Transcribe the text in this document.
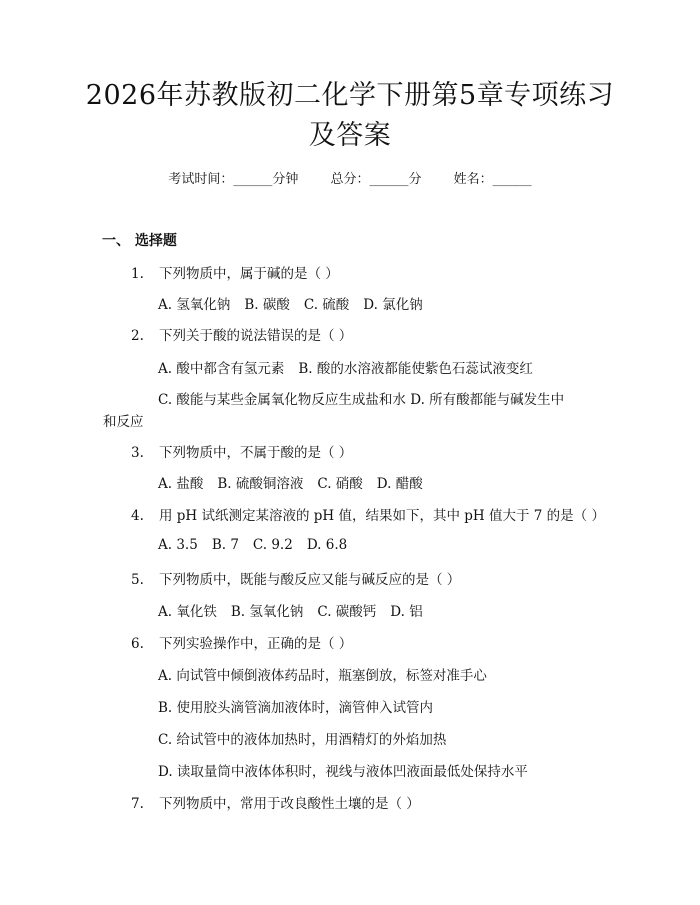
2026年苏教版初二化学下册第5章专项练习
及答案
考试时间：______分钟 总分：______分 姓名：______
一、 选择题
1. 下列物质中，属于碱的是（ ）
A. 氢氧化钠 B. 碳酸 C. 硫酸 D. 氯化钠
2. 下列关于酸的说法错误的是（ ）
A. 酸中都含有氢元素 B. 酸的水溶液都能使紫色石蕊试液变红
C. 酸能与某些金属氧化物反应生成盐和水 D. 所有酸都能与碱发生中
和反应
3. 下列物质中，不属于酸的是（ ）
A. 盐酸 B. 硫酸铜溶液 C. 硝酸 D. 醋酸
4. 用 pH 试纸测定某溶液的 pH 值，结果如下，其中 pH 值大于 7 的是（ ）
A. 3.5 B. 7 C. 9.2 D. 6.8
5. 下列物质中，既能与酸反应又能与碱反应的是（ ）
A. 氧化铁 B. 氢氧化钠 C. 碳酸钙 D. 铝
6. 下列实验操作中，正确的是（ ）
A. 向试管中倾倒液体药品时，瓶塞倒放，标签对准手心
B. 使用胶头滴管滴加液体时，滴管伸入试管内
C. 给试管中的液体加热时，用酒精灯的外焰加热
D. 读取量筒中液体体积时，视线与液体凹液面最低处保持水平
7. 下列物质中，常用于改良酸性土壤的是（ ）
